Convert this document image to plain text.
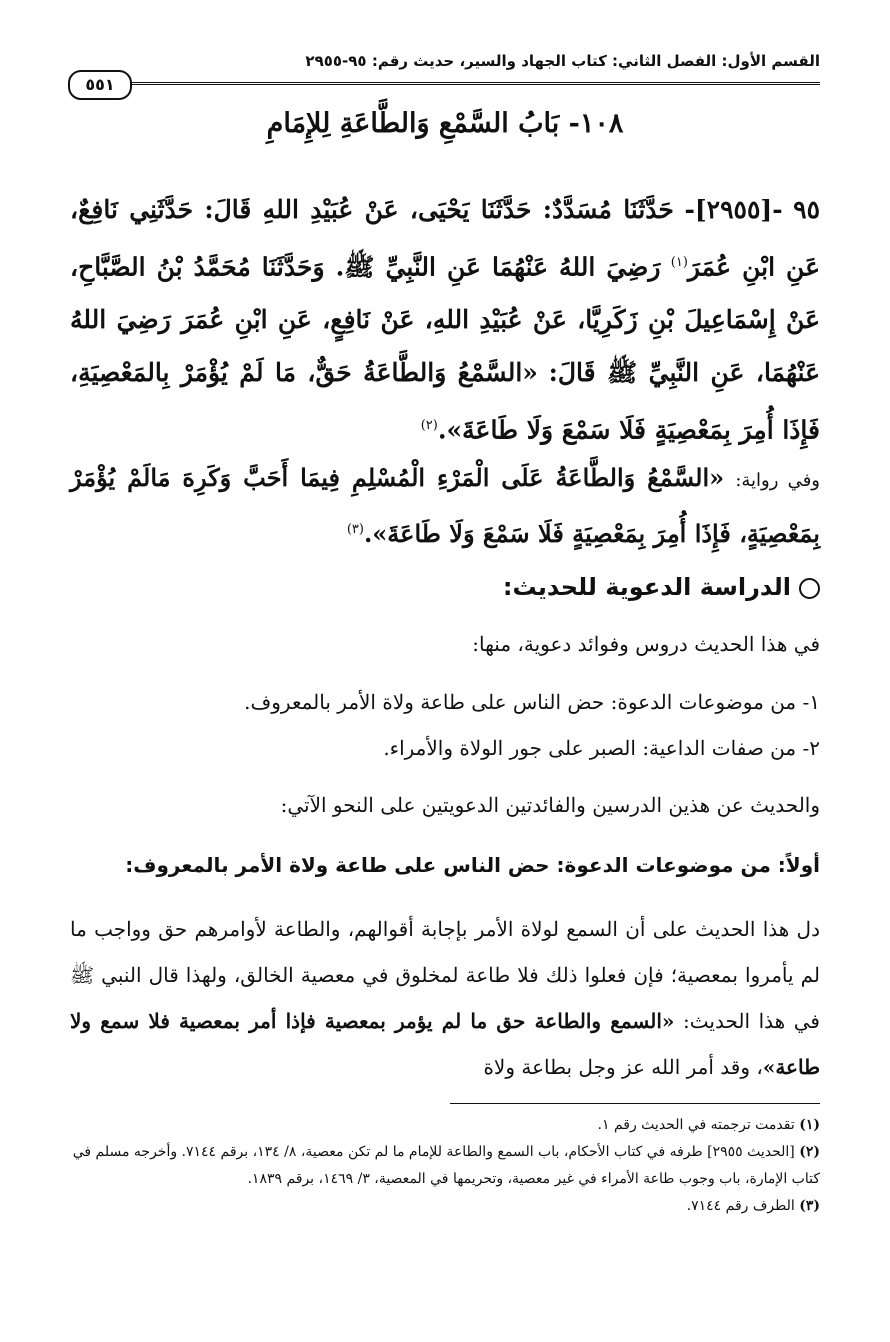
القسم الأول: الفصل الثاني: كتاب الجهاد والسير، حديث رقم: ٩٥-٢٩٥٥
٥٥١
١٠٨- بَابُ السَّمْعِ وَالطَّاعَةِ لِلإِمَامِ
٩٥ -[٢٩٥٥]- حَدَّثَنَا مُسَدَّدٌ: حَدَّثَنَا يَحْيَى، عَنْ عُبَيْدِ اللهِ قَالَ: حَدَّثَنِي نَافِعٌ، عَنِ ابْنِ عُمَرَ$^{(١)}$ رَضِيَ اللهُ عَنْهُمَا عَنِ النَّبِيِّ ﷺ. وَحَدَّثَنَا مُحَمَّدُ بْنُ الصَّبَّاحِ، عَنْ إِسْمَاعِيلَ بْنِ زَكَرِيَّا، عَنْ عُبَيْدِ اللهِ، عَنْ نَافِعٍ، عَنِ ابْنِ عُمَرَ رَضِيَ اللهُ عَنْهُمَا، عَنِ النَّبِيِّ ﷺ قَالَ: «السَّمْعُ وَالطَّاعَةُ حَقٌّ، مَا لَمْ يُؤْمَرْ بِالمَعْصِيَةِ، فَإِذَا أُمِرَ بِمَعْصِيَةٍ فَلَا سَمْعَ وَلَا طَاعَةَ».$^{(٢)}$
وفي رواية: «السَّمْعُ وَالطَّاعَةُ عَلَى الْمَرْءِ الْمُسْلِمِ فِيمَا أَحَبَّ وَكَرِهَ مَالَمْ يُؤْمَرْ بِمَعْصِيَةٍ، فَإِذَا أُمِرَ بِمَعْصِيَةٍ فَلَا سَمْعَ وَلَا طَاعَةَ».$^{(٣)}$
الدراسة الدعوية للحديث:
في هذا الحديث دروس وفوائد دعوية، منها:
١- من موضوعات الدعوة: حض الناس على طاعة ولاة الأمر بالمعروف.
٢- من صفات الداعية: الصبر على جور الولاة والأمراء.
والحديث عن هذين الدرسين والفائدتين الدعويتين على النحو الآتي:
أولاً: من موضوعات الدعوة: حض الناس على طاعة ولاة الأمر بالمعروف:
دل هذا الحديث على أن السمع لولاة الأمر بإجابة أقوالهم، والطاعة لأوامرهم حق وواجب ما لم يأمروا بمعصية؛ فإن فعلوا ذلك فلا طاعة لمخلوق في معصية الخالق، ولهذا قال النبي ﷺ في هذا الحديث: «السمع والطاعة حق ما لم يؤمر بمعصية فإذا أمر بمعصية فلا سمع ولا طاعة»، وقد أمر الله عز وجل بطاعة ولاة

(١) تقدمت ترجمته في الحديث رقم ١.

(٢) [الحديث ٢٩٥٥] طرفه في كتاب الأحكام، باب السمع والطاعة للإمام ما لم تكن معصية، ٨/ ١٣٤، برقم ٧١٤٤. وأخرجه مسلم في كتاب الإمارة، باب وجوب طاعة الأمراء في غير معصية، وتحريمها في المعصية، ٣/ ١٤٦٩، برقم ١٨٣٩.

(٣) الطرف رقم ٧١٤٤.
